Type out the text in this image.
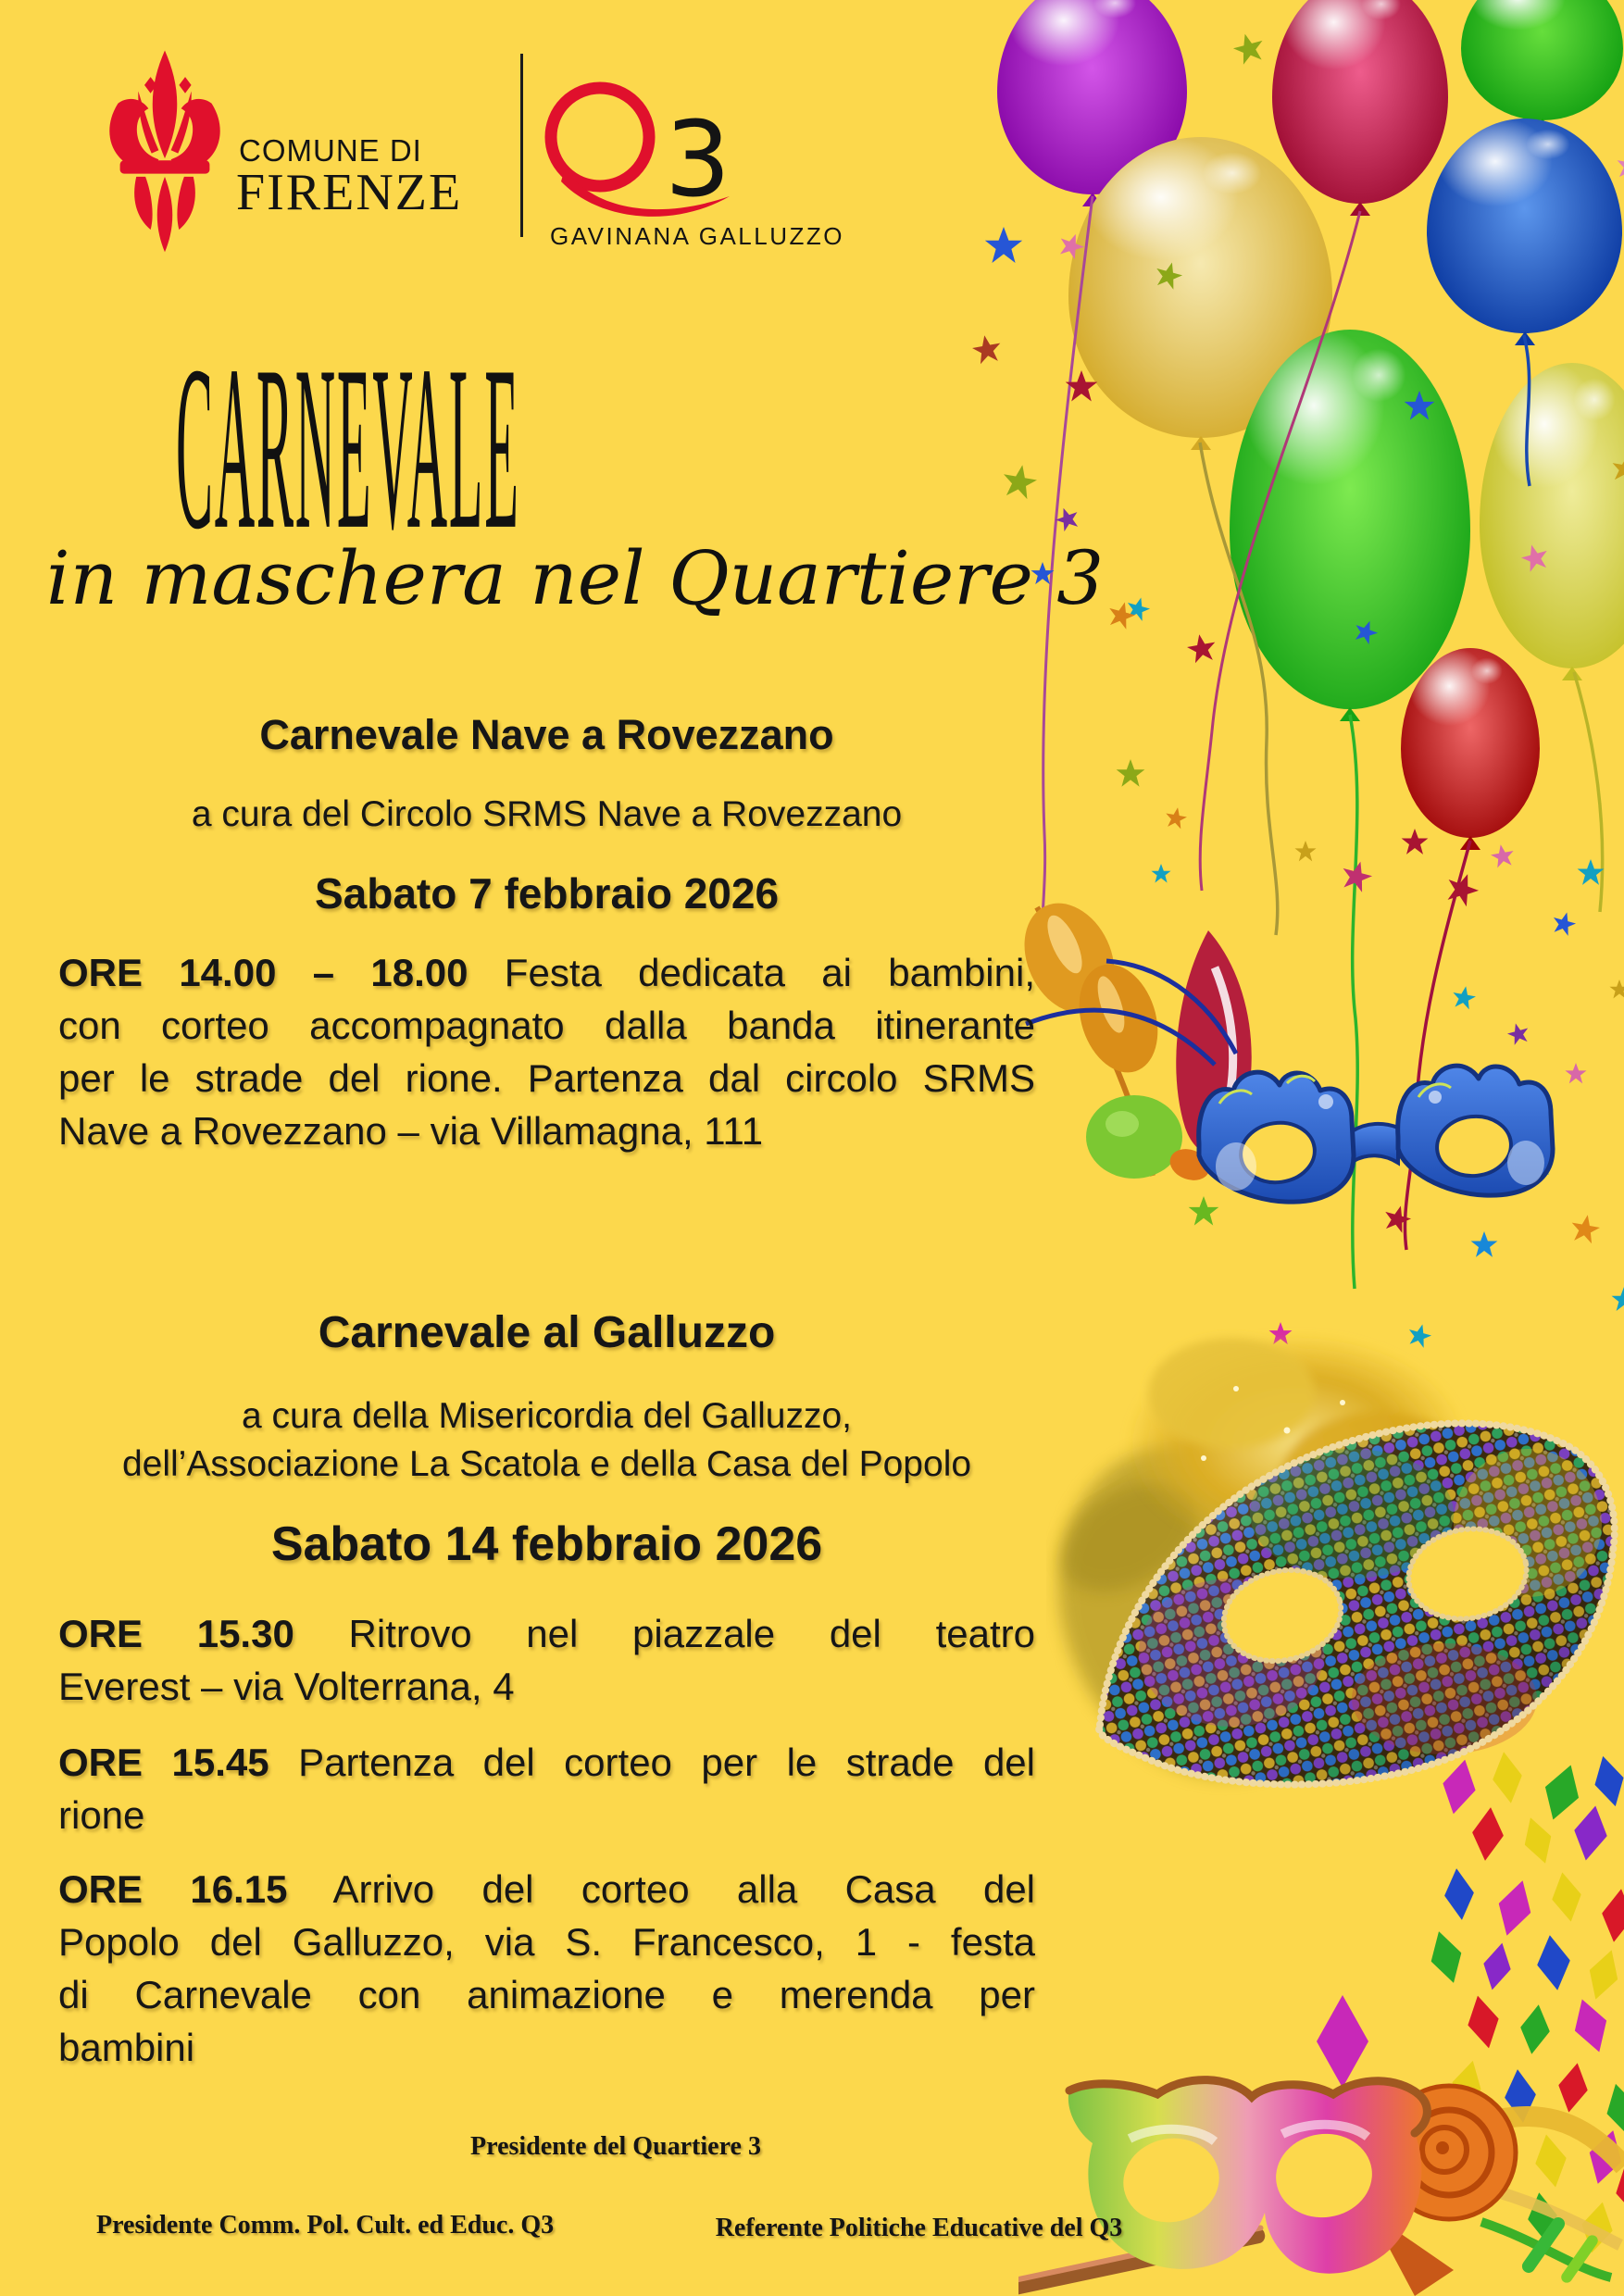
COMUNE DI
FIRENZE 3
GAVINANA GALLUZZO
CARNEVALE
in maschera nel Quartiere 3
Carnevale Nave a Rovezzano
a cura del Circolo SRMS Nave a Rovezzano
Sabato 7 febbraio 2026
ORE 14.00 – 18.00 Festa dedicata ai bambini,
con corteo accompagnato dalla banda itinerante
per le strade del rione. Partenza dal circolo SRMS
Nave a Rovezzano – via Villamagna, 111
Carnevale al Galluzzo
a cura della Misericordia del Galluzzo,
dell’Associazione La Scatola e della Casa del Popolo
Sabato 14 febbraio 2026
ORE 15.30 Ritrovo nel piazzale del teatro
Everest – via Volterrana, 4
ORE 15.45 Partenza del corteo per le strade del
rione
ORE 16.15 Arrivo del corteo alla Casa del
Popolo del Galluzzo, via S. Francesco, 1 - festa
di Carnevale con animazione e merenda per
bambini
Presidente del Quartiere 3
Presidente Comm. Pol. Cult. ed Educ. Q3	Referente Politiche Educative del Q3
